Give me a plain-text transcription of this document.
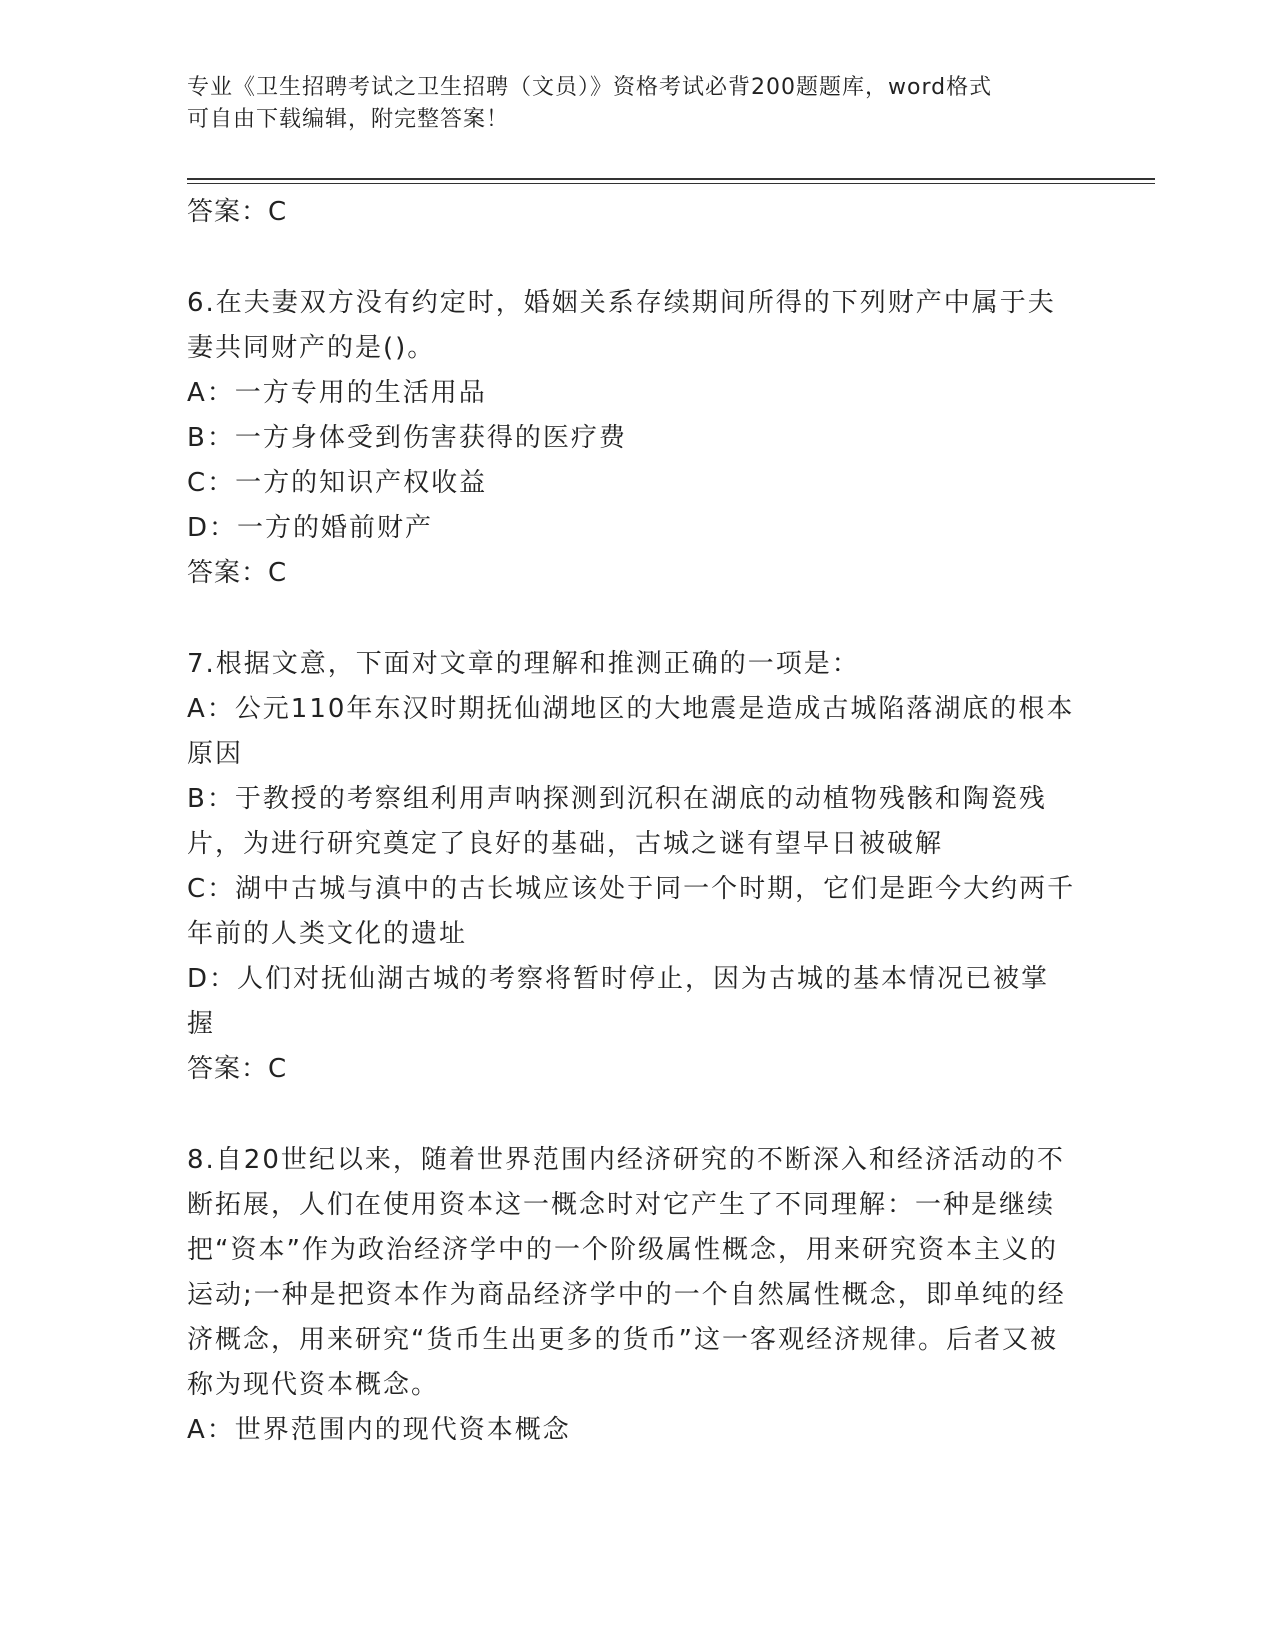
专业《卫生招聘考试之卫生招聘（文员）》资格考试必背200题题库，word格式
可自由下载编辑，附完整答案！

答案：C

6.在夫妻双方没有约定时，婚姻关系存续期间所得的下列财产中属于夫妻共同财产的是()。

A：一方专用的生活用品

B：一方身体受到伤害获得的医疗费

C：一方的知识产权收益

D：一方的婚前财产

答案：C

7.根据文意，下面对文章的理解和推测正确的一项是：

A：公元110年东汉时期抚仙湖地区的大地震是造成古城陷落湖底的根本原因

B：于教授的考察组利用声呐探测到沉积在湖底的动植物残骸和陶瓷残片，为进行研究奠定了良好的基础，古城之谜有望早日被破解

C：湖中古城与滇中的古长城应该处于同一个时期，它们是距今大约两千年前的人类文化的遗址

D：人们对抚仙湖古城的考察将暂时停止，因为古城的基本情况已被掌握

答案：C

8.自20世纪以来，随着世界范围内经济研究的不断深入和经济活动的不断拓展，人们在使用资本这一概念时对它产生了不同理解：一种是继续把“资本”作为政治经济学中的一个阶级属性概念，用来研究资本主义的运动;一种是把资本作为商品经济学中的一个自然属性概念，即单纯的经济概念，用来研究“货币生出更多的货币”这一客观经济规律。后者又被称为现代资本概念。

A：世界范围内的现代资本概念
